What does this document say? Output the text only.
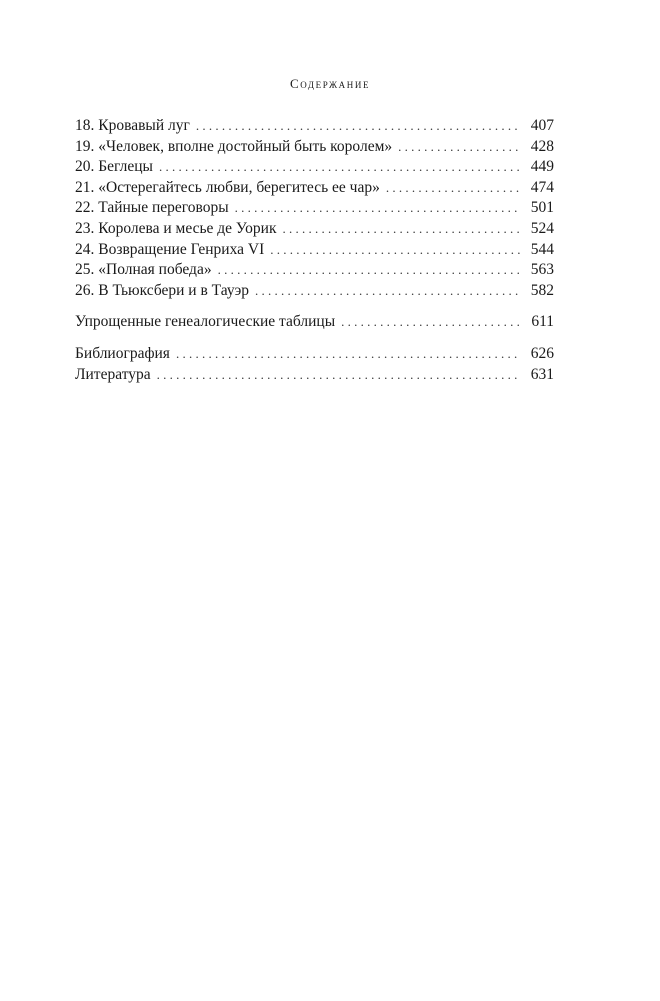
Содержание
18. Кровавый луг . . .	407
19. «Человек, вполне достойный быть королем» . . .	428
20. Беглецы . . .	449
21. «Остерегайтесь любви, берегитесь ее чар» . . .	474
22. Тайные переговоры . . .	501
23. Королева и месье де Уорик . . .	524
24. Возвращение Генриха VI . . .	544
25. «Полная победа» . . .	563
26. В Тьюксбери и в Тауэр . . .	582
Упрощенные генеалогические таблицы . . .	611
Библиография . . .	626
Литература . . .	631
